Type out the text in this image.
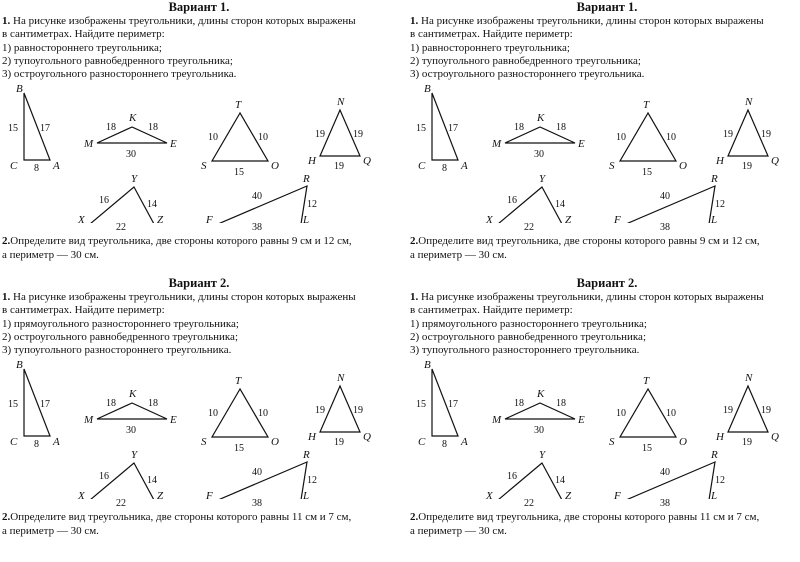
Вариант 1.

1. На рисунке изображены треугольники, длины сторон которых выражены

в сантиметрах. Найдите периметр:

1) равностороннего треугольника;

2) тупоугольного равнобедренного треугольника;

3) остроугольного разностороннего треугольника.

B
C	A
15 17
8
M
K
E
18	18
30
T
S	O
10	10
15
N
H	Q
19	19
19
Y
X	Z
16	14
R
F	L
40
12
22	38

2.Определите вид треугольника, две стороны которого равны 9 см и 12 см,

а периметр — 30 см.

Вариант 1.

1. На рисунке изображены треугольники, длины сторон которых выражены

в сантиметрах. Найдите периметр:

1) равностороннего треугольника;

2) тупоугольного равнобедренного треугольника;

3) остроугольного разностороннего треугольника.

B
C	A
15 17
8
M
K
E
18	18
30
T
S	O
10	10
15
N
H	Q
19	19
19
Y
X	Z
16	14
R
F	L
40
12
22	38

2.Определите вид треугольника, две стороны которого равны 9 см и 12 см,

а периметр — 30 см.

Вариант 2.

1. На рисунке изображены треугольники, длины сторон которых выражены

в сантиметрах. Найдите периметр:

1) прямоугольного разностороннего треугольника;

2) остроугольного равнобедренного треугольника;

3) тупоугольного разностороннего треугольника.

B
C	A
15 17
8
M
K
E
18	18
30
T
S	O
10	10
15
N
H	Q
19	19
19
Y
X	Z
16	14
R
F	L
40
12
22	38

2.Определите вид треугольника, две стороны которого равны 11 см и 7 см,

а периметр — 30 см.

Вариант 2.

1. На рисунке изображены треугольники, длины сторон которых выражены

в сантиметрах. Найдите периметр:

1) прямоугольного разностороннего треугольника;

2) остроугольного равнобедренного треугольника;

3) тупоугольного разностороннего треугольника.

B
C	A
15 17
8
M
K
E
18	18
30
T
S	O
10	10
15
N
H	Q
19	19
19
Y
X	Z
16	14
R
F	L
40
12
22	38

2.Определите вид треугольника, две стороны которого равны 11 см и 7 см,

а периметр — 30 см.
